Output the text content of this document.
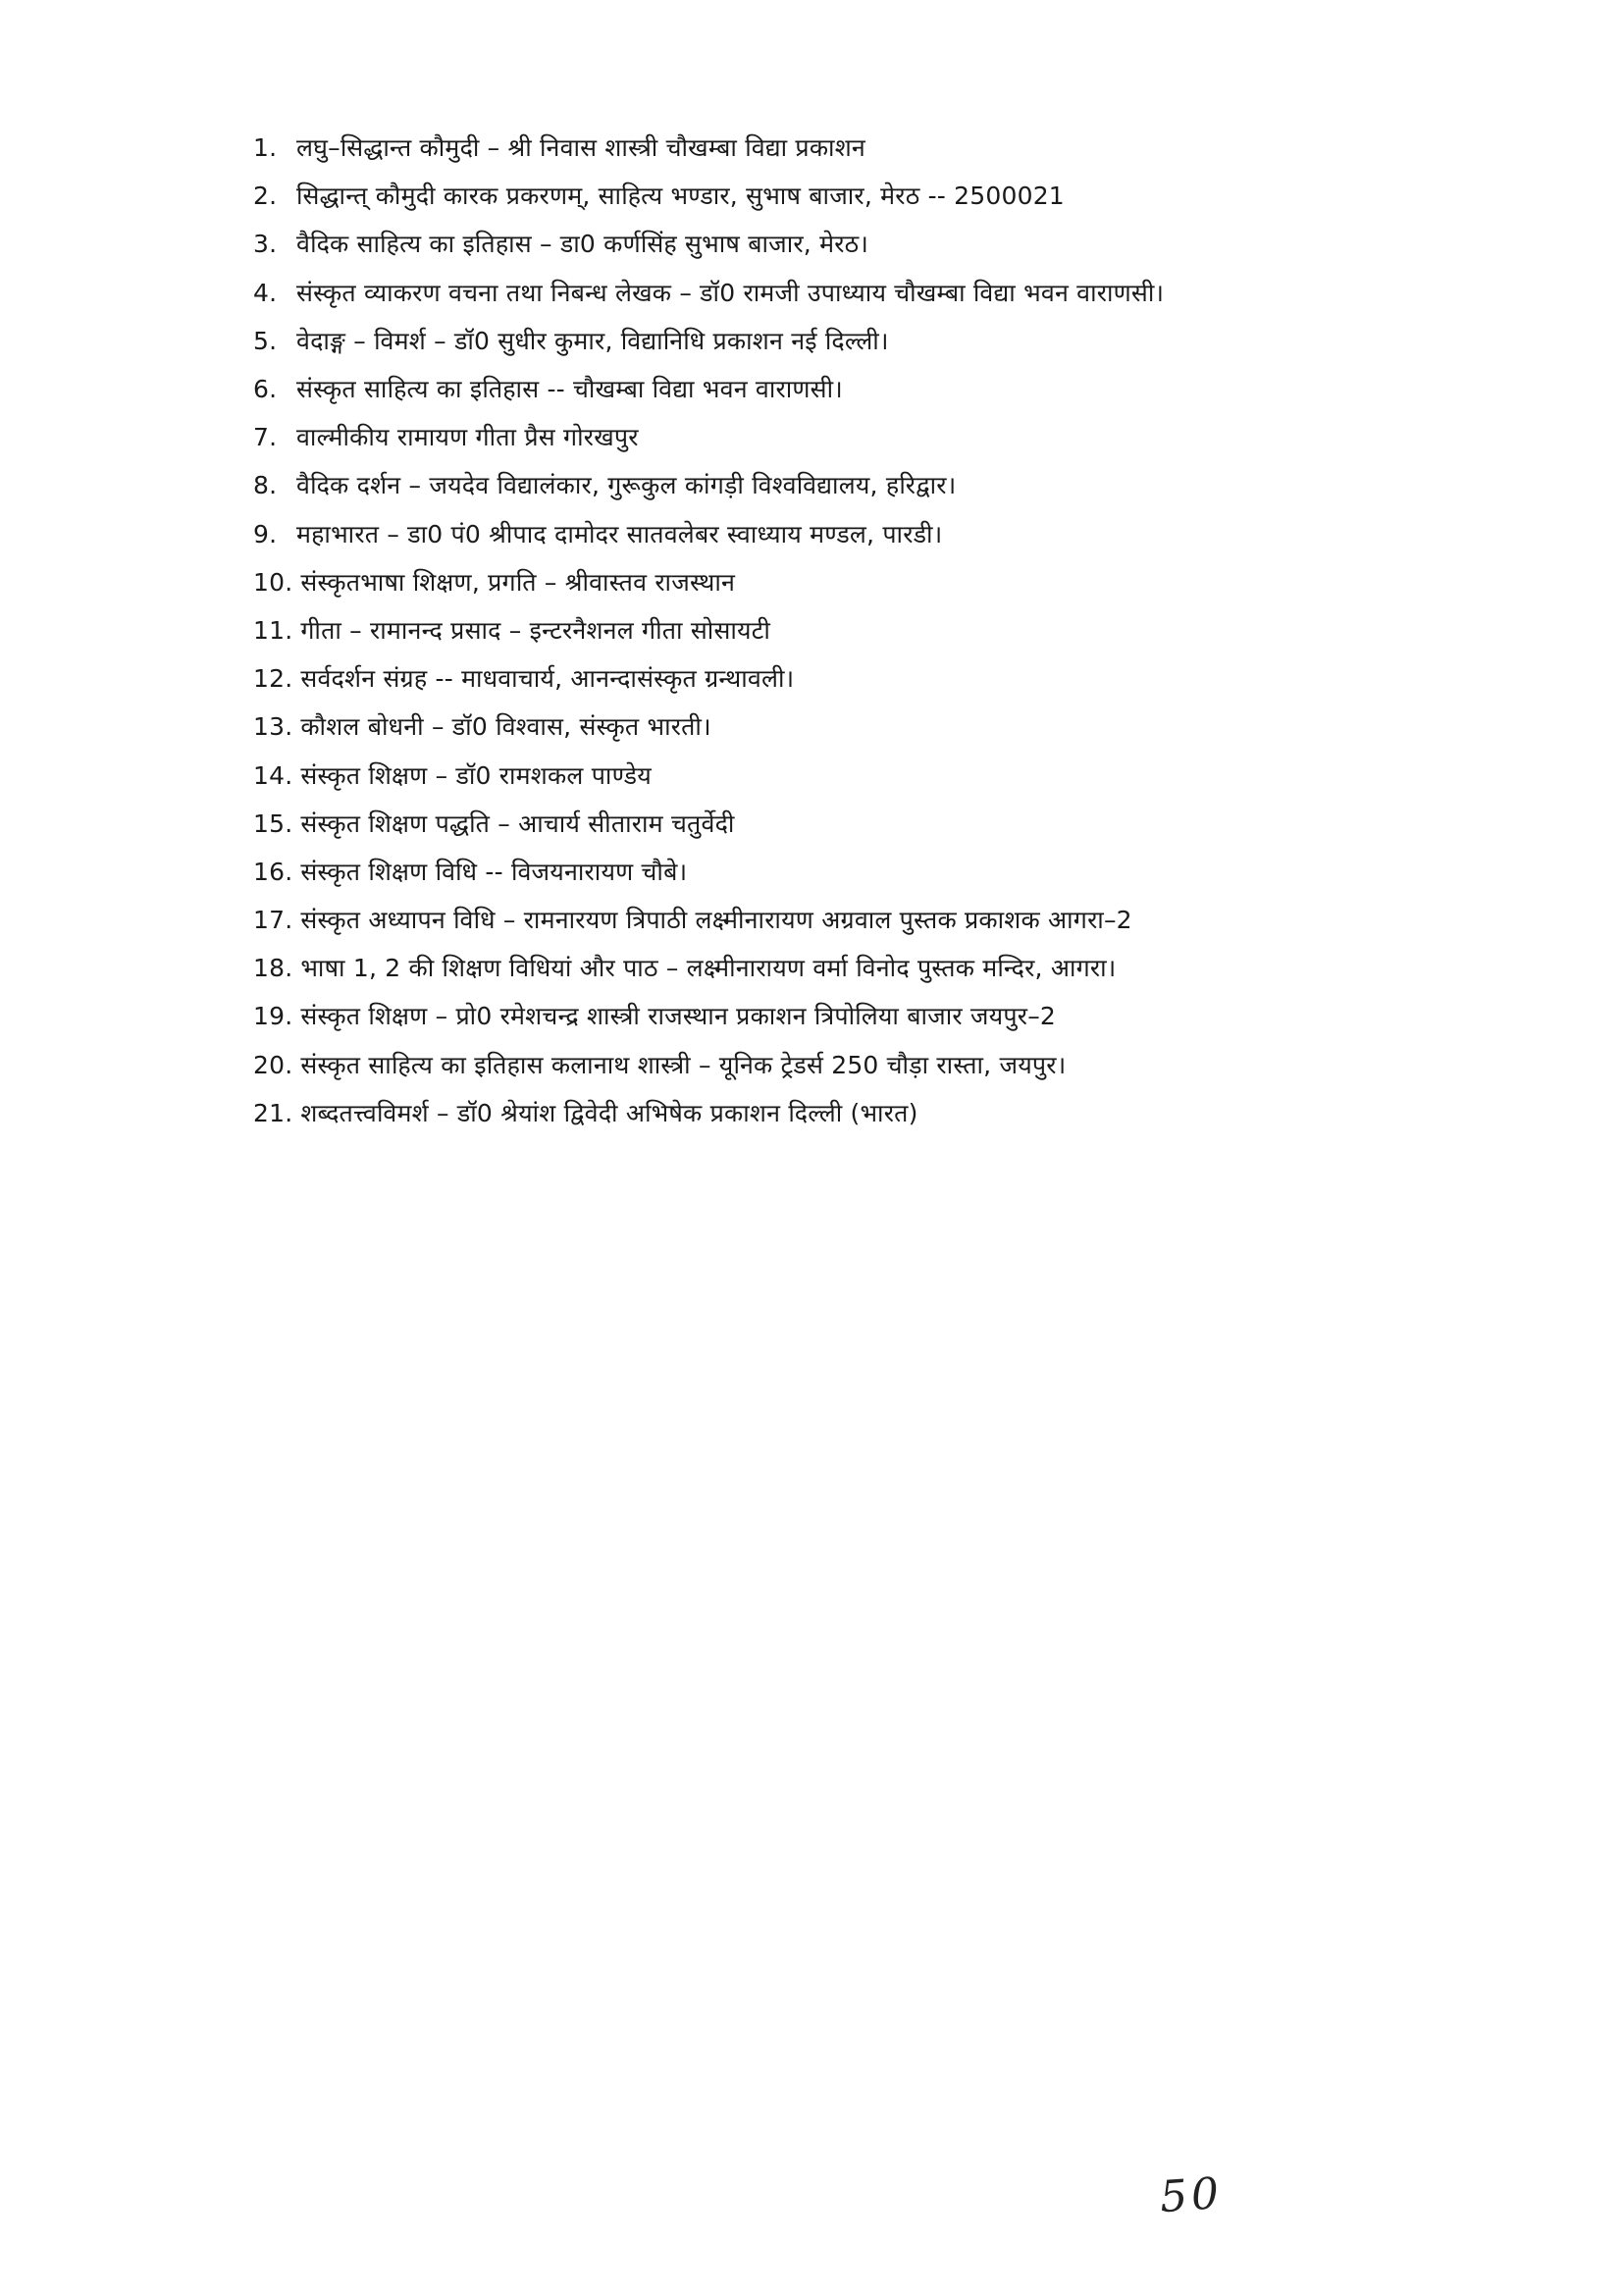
1. लघु–सिद्धान्त कौमुदी – श्री निवास शास्त्री चौखम्बा विद्या प्रकाशन
2. सिद्धान्त् कौमुदी कारक प्रकरणम्, साहित्य भण्डार, सुभाष बाजार, मेरठ -- 2500021
3. वैदिक साहित्य का इतिहास – डा0 कर्णसिंह सुभाष बाजार, मेरठ।
4. संस्कृत व्याकरण वचना तथा निबन्ध लेखक – डॉ0 रामजी उपाध्याय चौखम्बा विद्या भवन वाराणसी।
5. वेदाङ्ग – विमर्श – डॉ0 सुधीर कुमार, विद्यानिधि प्रकाशन नई दिल्ली।
6. संस्कृत साहित्य का इतिहास -- चौखम्बा विद्या भवन वाराणसी।
7. वाल्मीकीय रामायण गीता प्रैस गोरखपुर
8. वैदिक दर्शन – जयदेव विद्यालंकार, गुरूकुल कांगड़ी विश्वविद्यालय, हरिद्वार।
9. महाभारत – डा0 पं0 श्रीपाद दामोदर सातवलेबर स्वाध्याय मण्डल, पारडी।
10. संस्कृतभाषा शिक्षण, प्रगति – श्रीवास्तव राजस्थान
11. गीता – रामानन्द प्रसाद – इन्टरनैशनल गीता सोसायटी
12. सर्वदर्शन संग्रह -- माधवाचार्य, आनन्दासंस्कृत ग्रन्थावली।
13. कौशल बोधनी – डॉ0 विश्वास, संस्कृत भारती।
14. संस्कृत शिक्षण – डॉ0 रामशकल पाण्डेय
15. संस्कृत शिक्षण पद्धति – आचार्य सीताराम चतुर्वेदी
16. संस्कृत शिक्षण विधि -- विजयनारायण चौबे।
17. संस्कृत अध्यापन विधि – रामनारयण त्रिपाठी लक्ष्मीनारायण अग्रवाल पुस्तक प्रकाशक आगरा–2
18. भाषा 1, 2 की शिक्षण विधियां और पाठ – लक्ष्मीनारायण वर्मा विनोद पुस्तक मन्दिर, आगरा।
19. संस्कृत शिक्षण – प्रो0 रमेशचन्द्र शास्त्री राजस्थान प्रकाशन त्रिपोलिया बाजार जयपुर–2
20. संस्कृत साहित्य का इतिहास कलानाथ शास्त्री – यूनिक ट्रेडर्स 250 चौड़ा रास्ता, जयपुर।
21. शब्दतत्त्वविमर्श – डॉ0 श्रेयांश द्विवेदी अभिषेक प्रकाशन दिल्ली (भारत)
50
